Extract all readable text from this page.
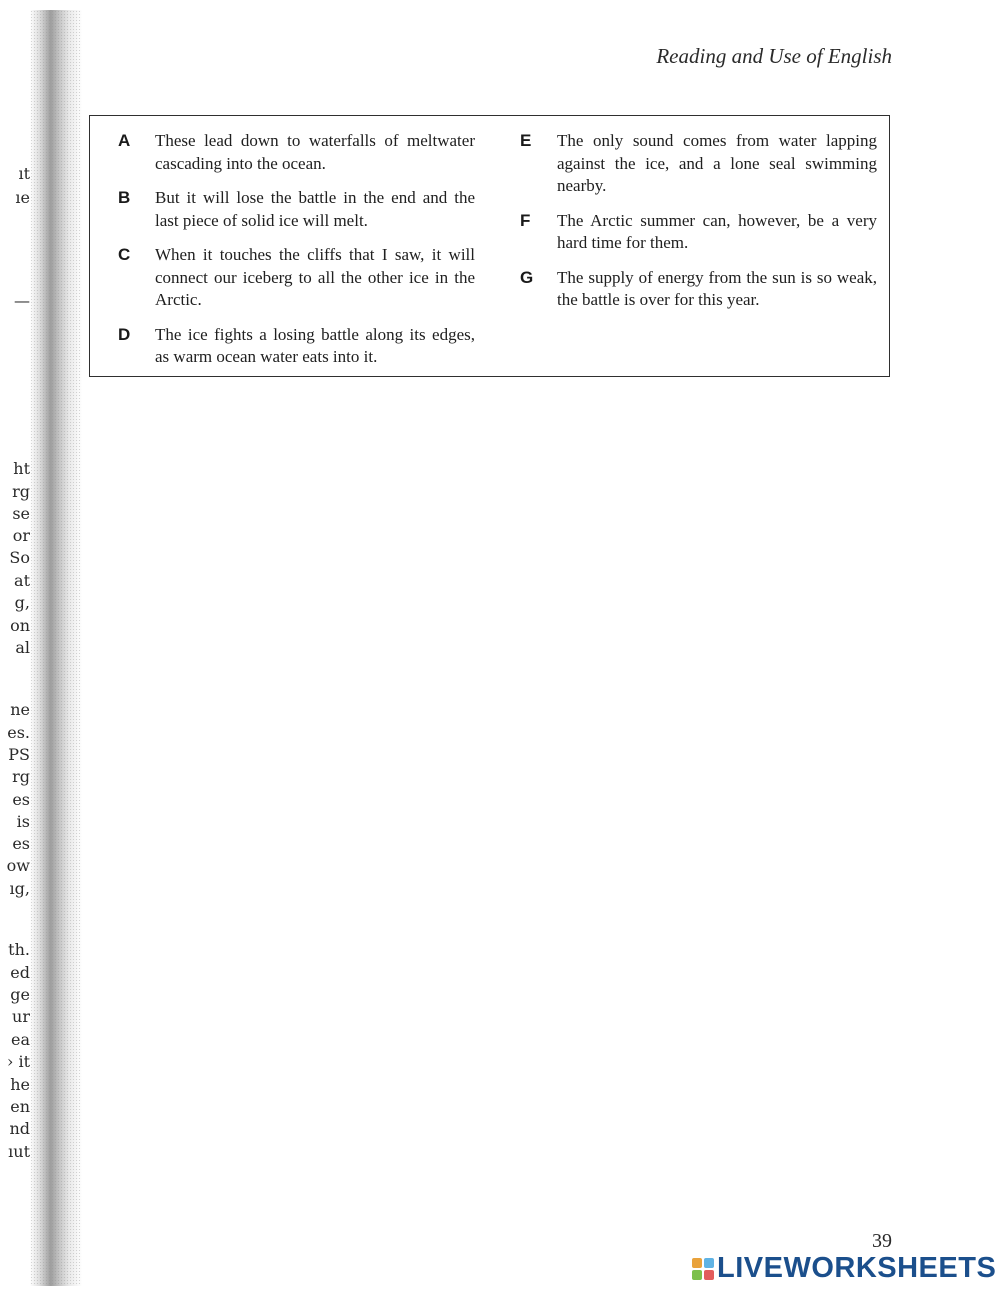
ıt
ıe
—
ht
rg
se
or
So
at
g,
on
al
ne
es.
PS
rg
es
is
es
ow
ıg,
th.
ed
ge
ur
ea
› it
he
en
nd
ıut
Reading and Use of English
A	These lead down to waterfalls of meltwater cascading into the ocean.
B	But it will lose the battle in the end and the last piece of solid ice will melt.
C	When it touches the cliffs that I saw, it will connect our iceberg to all the other ice in the Arctic.
D	The ice fights a losing battle along its edges, as warm ocean water eats into it.
E	The only sound comes from water lapping against the ice, and a lone seal swimming nearby.
F	The Arctic summer can, however, be a very hard time for them.
G	The supply of energy from the sun is so weak, the battle is over for this year.
39
LIVEWORKSHEETS
